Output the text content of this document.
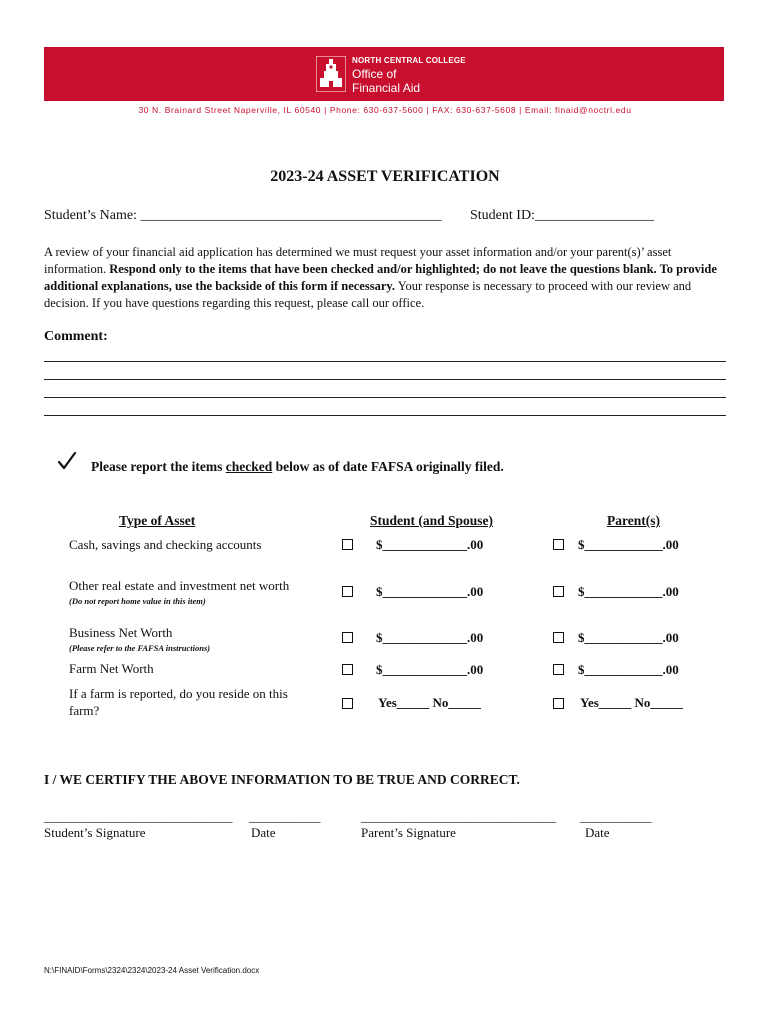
NORTH CENTRAL COLLEGE
Office of
Financial Aid
30 N. Brainard Street Naperville, IL 60540 | Phone: 630-637-5600 | FAX: 630-637-5608 | Email: finaid@noctrl.edu
2023-24 ASSET VERIFICATION
Student’s Name: ___________________________________________ Student ID:_________________
A review of your financial aid application has determined we must request your asset information and/or your parent(s)’ asset information. Respond only to the items that have been checked and/or highlighted; do not leave the questions blank. To provide additional explanations, use the backside of this form if necessary. Your response is necessary to proceed with our review and decision. If you have questions regarding this request, please call our office.
Comment:
Please report the items checked below as of date FAFSA originally filed.
Type of Asset	Student (and Spouse)	Parent(s)
Cash, savings and checking accounts	$_____________.00	$____________.00
Other real estate and investment net worth
(Do not report home value in this item)
$_____________.00	$____________.00
Business Net Worth
(Please refer to the FAFSA instructions)
$_____________.00	$____________.00
Farm Net Worth	$_____________.00	$____________.00
If a farm is reported, do you reside on this
farm?
Yes_____ No_____	Yes_____ No_____
I / WE CERTIFY THE ABOVE INFORMATION TO BE TRUE AND CORRECT.
_____________________________ ___________	______________________________ ___________
Student’s Signature	Date	Parent’s Signature	Date
N:\FINAID\Forms\2324\2324\2023-24 Asset Verification.docx
